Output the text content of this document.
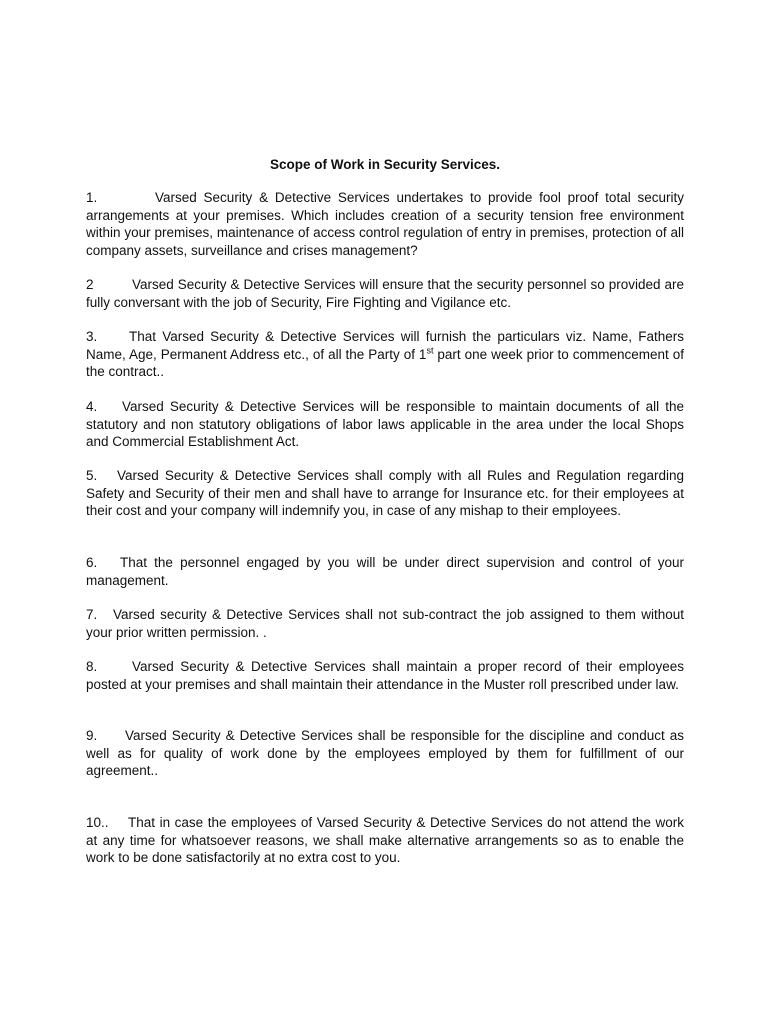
Scope of Work in Security Services.

1.	Varsed Security & Detective Services undertakes to provide fool proof total security arrangements at your premises. Which includes creation of a security tension free environment within your premises, maintenance of access control regulation of entry in premises, protection of all company assets, surveillance and crises management?

2	Varsed Security & Detective Services will ensure that the security personnel so provided are fully conversant with the job of Security, Fire Fighting and Vigilance etc.

3. That Varsed Security & Detective Services will furnish the particulars viz. Name, Fathers Name, Age, Permanent Address etc., of all the Party of 1st part one week prior to commencement of the contract..

4. Varsed Security & Detective Services will be responsible to maintain documents of all the statutory and non statutory obligations of labor laws applicable in the area under the local Shops and Commercial Establishment Act.

5. Varsed Security & Detective Services shall comply with all Rules and Regulation regarding Safety and Security of their men and shall have to arrange for Insurance etc. for their employees at their cost and your company will indemnify you, in case of any mishap to their employees.

6. That the personnel engaged by you will be under direct supervision and control of your management.

7. Varsed security & Detective Services shall not sub-contract the job assigned to them without your prior written permission. .

8.	Varsed Security & Detective Services shall maintain a proper record of their employees posted at your premises and shall maintain their attendance in the Muster roll prescribed under law.

9. Varsed Security & Detective Services shall be responsible for the discipline and conduct as well as for quality of work done by the employees employed by them for fulfillment of our agreement..

10.. That in case the employees of Varsed Security & Detective Services do not attend the work at any time for whatsoever reasons, we shall make alternative arrangements so as to enable the work to be done satisfactorily at no extra cost to you.
